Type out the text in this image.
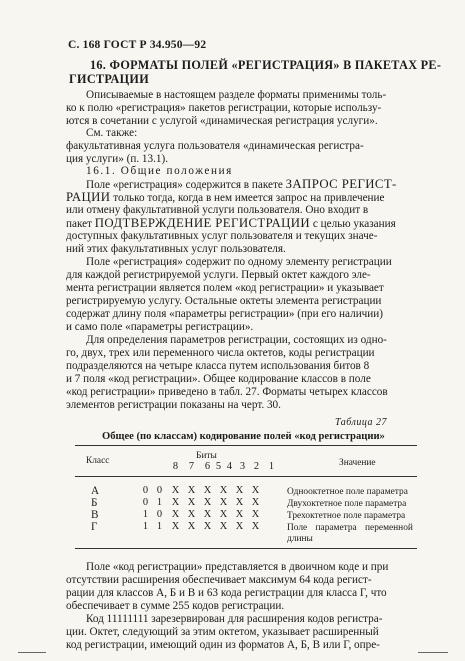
С. 168 ГОСТ Р 34.950—92
16. ФОРМАТЫ ПОЛЕЙ «РЕГИСТРАЦИЯ» В ПАКЕТАХ РЕ-
ГИСТРАЦИИ
Описываемые в настоящем разделе форматы применимы толь-
ко к полю «регистрация» пакетов регистрации, которые использу-
ются в сочетании с услугой «динамическая регистрация услуги».
См. также:
факультативная услуга пользователя «динамическая регистра-
ция услуги» (п. 13.1).
16.1. Общие положения
Поле «регистрация» содержится в пакете ЗАПРОС РЕГИСТ-
РАЦИИ только тогда, когда в нем имеется запрос на привлечение
или отмену факультативной услуги пользователя. Оно входит в
пакет ПОДТВЕРЖДЕНИЕ РЕГИСТРАЦИИ с целью указания
доступных факультативных услуг пользователя и текущих значе-
ний этих факультативных услуг пользователя.
Поле «регистрация» содержит по одному элементу регистрации
для каждой регистрируемой услуги. Первый октет каждого эле-
мента регистрации является полем «код регистрации» и указывает
регистрируемую услугу. Остальные октеты элемента регистрации
содержат длину поля «параметры регистрации» (при его наличии)
и само поле «параметры регистрации».
Для определения параметров регистрации, состоящих из одно-
го, двух, трех или переменного числа октетов, коды регистрации
подразделяются на четыре класса путем использования битов 8
и 7 поля «код регистрации». Общее кодирование классов в поле
«код регистрации» приведено в табл. 27. Форматы четырех классов
элементов регистрации показаны на черт. 30.
Таблица 27
Общее (по классам) кодирование полей «код регистрации»
Класс	Биты
Значение
8 7 6 5 4 3 2 1
А	0 0 X X X X X X	Однооктетное поле параметра
Б	0 1 X X X X X X	Двухоктетное поле параметра
В	1 0 X X X X X X	Трехоктетное поле параметра
Г	1 1 X X X X X X	Поле параметра переменной
длины
Поле «код регистрации» представляется в двоичном коде и при
отсутствии расширения обеспечивает максимум 64 кода регист-
рации для классов А, Б и В и 63 кода регистрации для класса Г, что
обеспечивает в сумме 255 кодов регистрации.
Код 11111111 зарезервирован для расширения кодов регистра-
ции. Октет, следующий за этим октетом, указывает расширенный
код регистрации, имеющий один из форматов А, Б, В или Г, опре-
